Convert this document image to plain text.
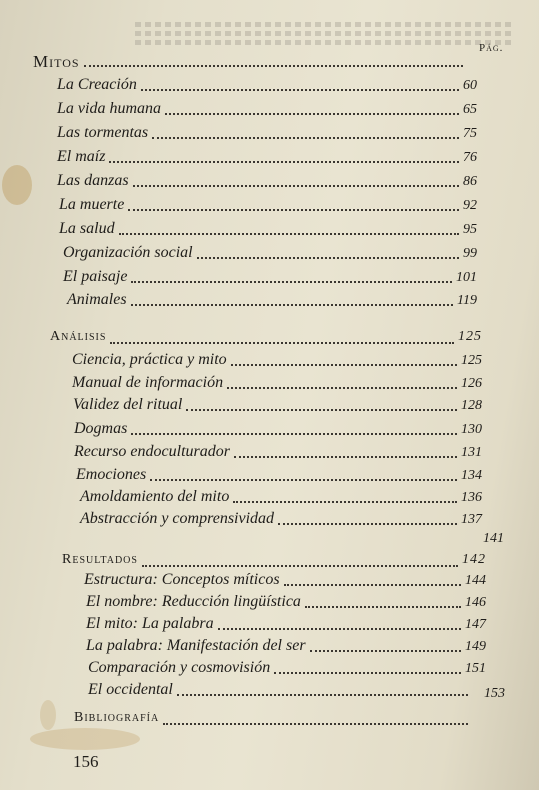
Pág.
Mitos
La Creación	60
La vida humana	65
Las tormentas	75
El maíz	76
Las danzas	86
La muerte	92
La salud	95
Organización social	99
El paisaje	101
Animales	119
Análisis	125
Ciencia, práctica y mito	125
Manual de información	126
Validez del ritual	128
Dogmas	130
Recurso endoculturador	131
Emociones	134
Amoldamiento del mito	136
Abstracción y comprensividad	137
141
Resultados	142
Estructura: Conceptos míticos	144
El nombre: Reducción lingüística	146
El mito: La palabra	147
La palabra: Manifestación del ser	149
Comparación y cosmovisión	151
El occidental	153
Bibliografía
156
